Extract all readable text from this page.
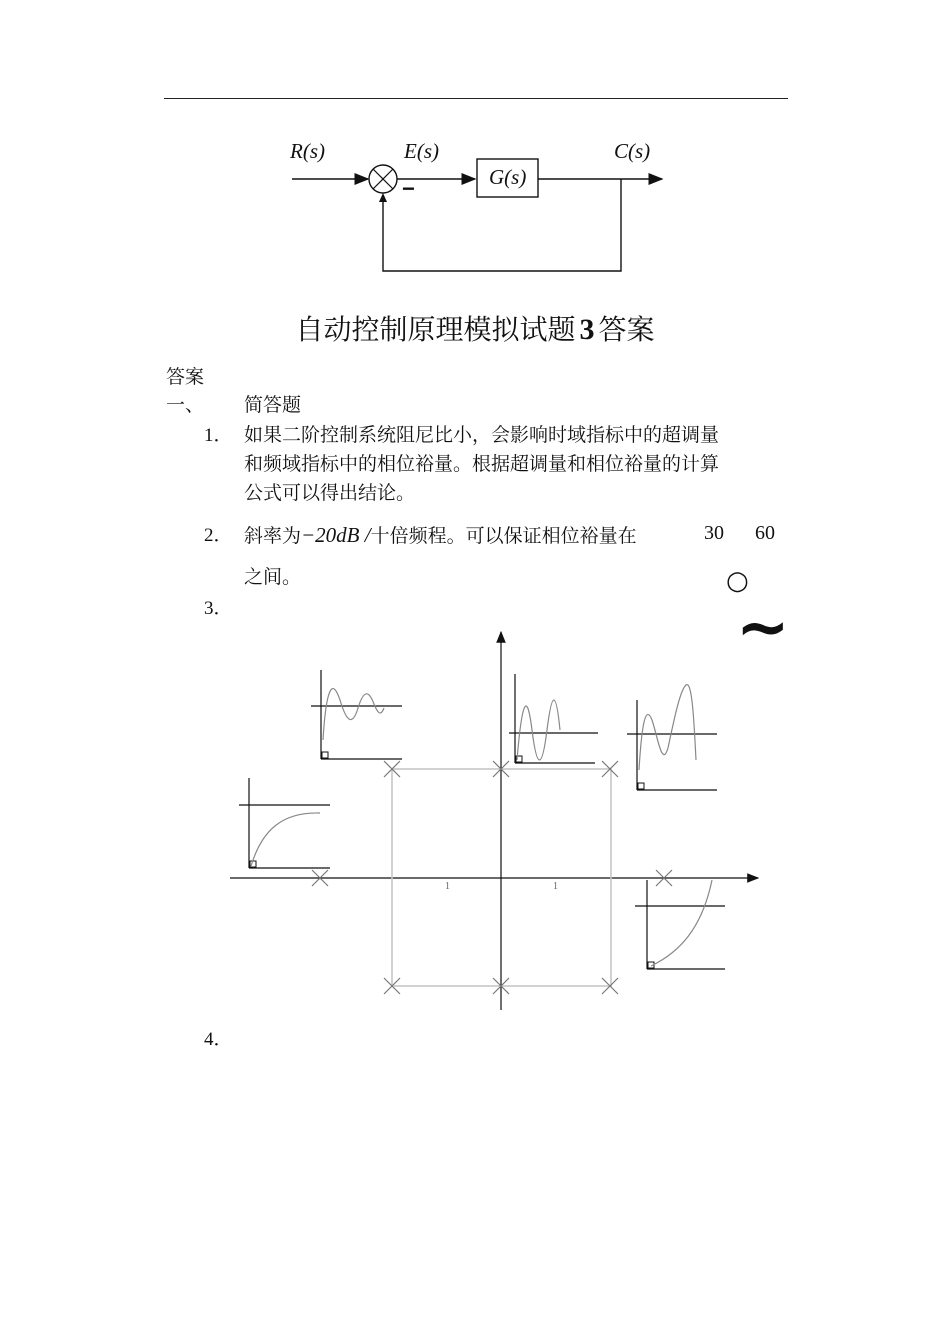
R(s)	E(s)	C(s)
G(s)
−
自动控制原理模拟试题 3 答案
答案
一、 简答题
1． 如果二阶控制系统阻尼比小，会影响时域指标中的超调量
和频域指标中的相位裕量。根据超调量和相位裕量的计算
公式可以得出结论。
2． 斜率为−20dB /十倍频程。可以保证相位裕量在	30 60
之间。	○
~
3．
1	1
4．
